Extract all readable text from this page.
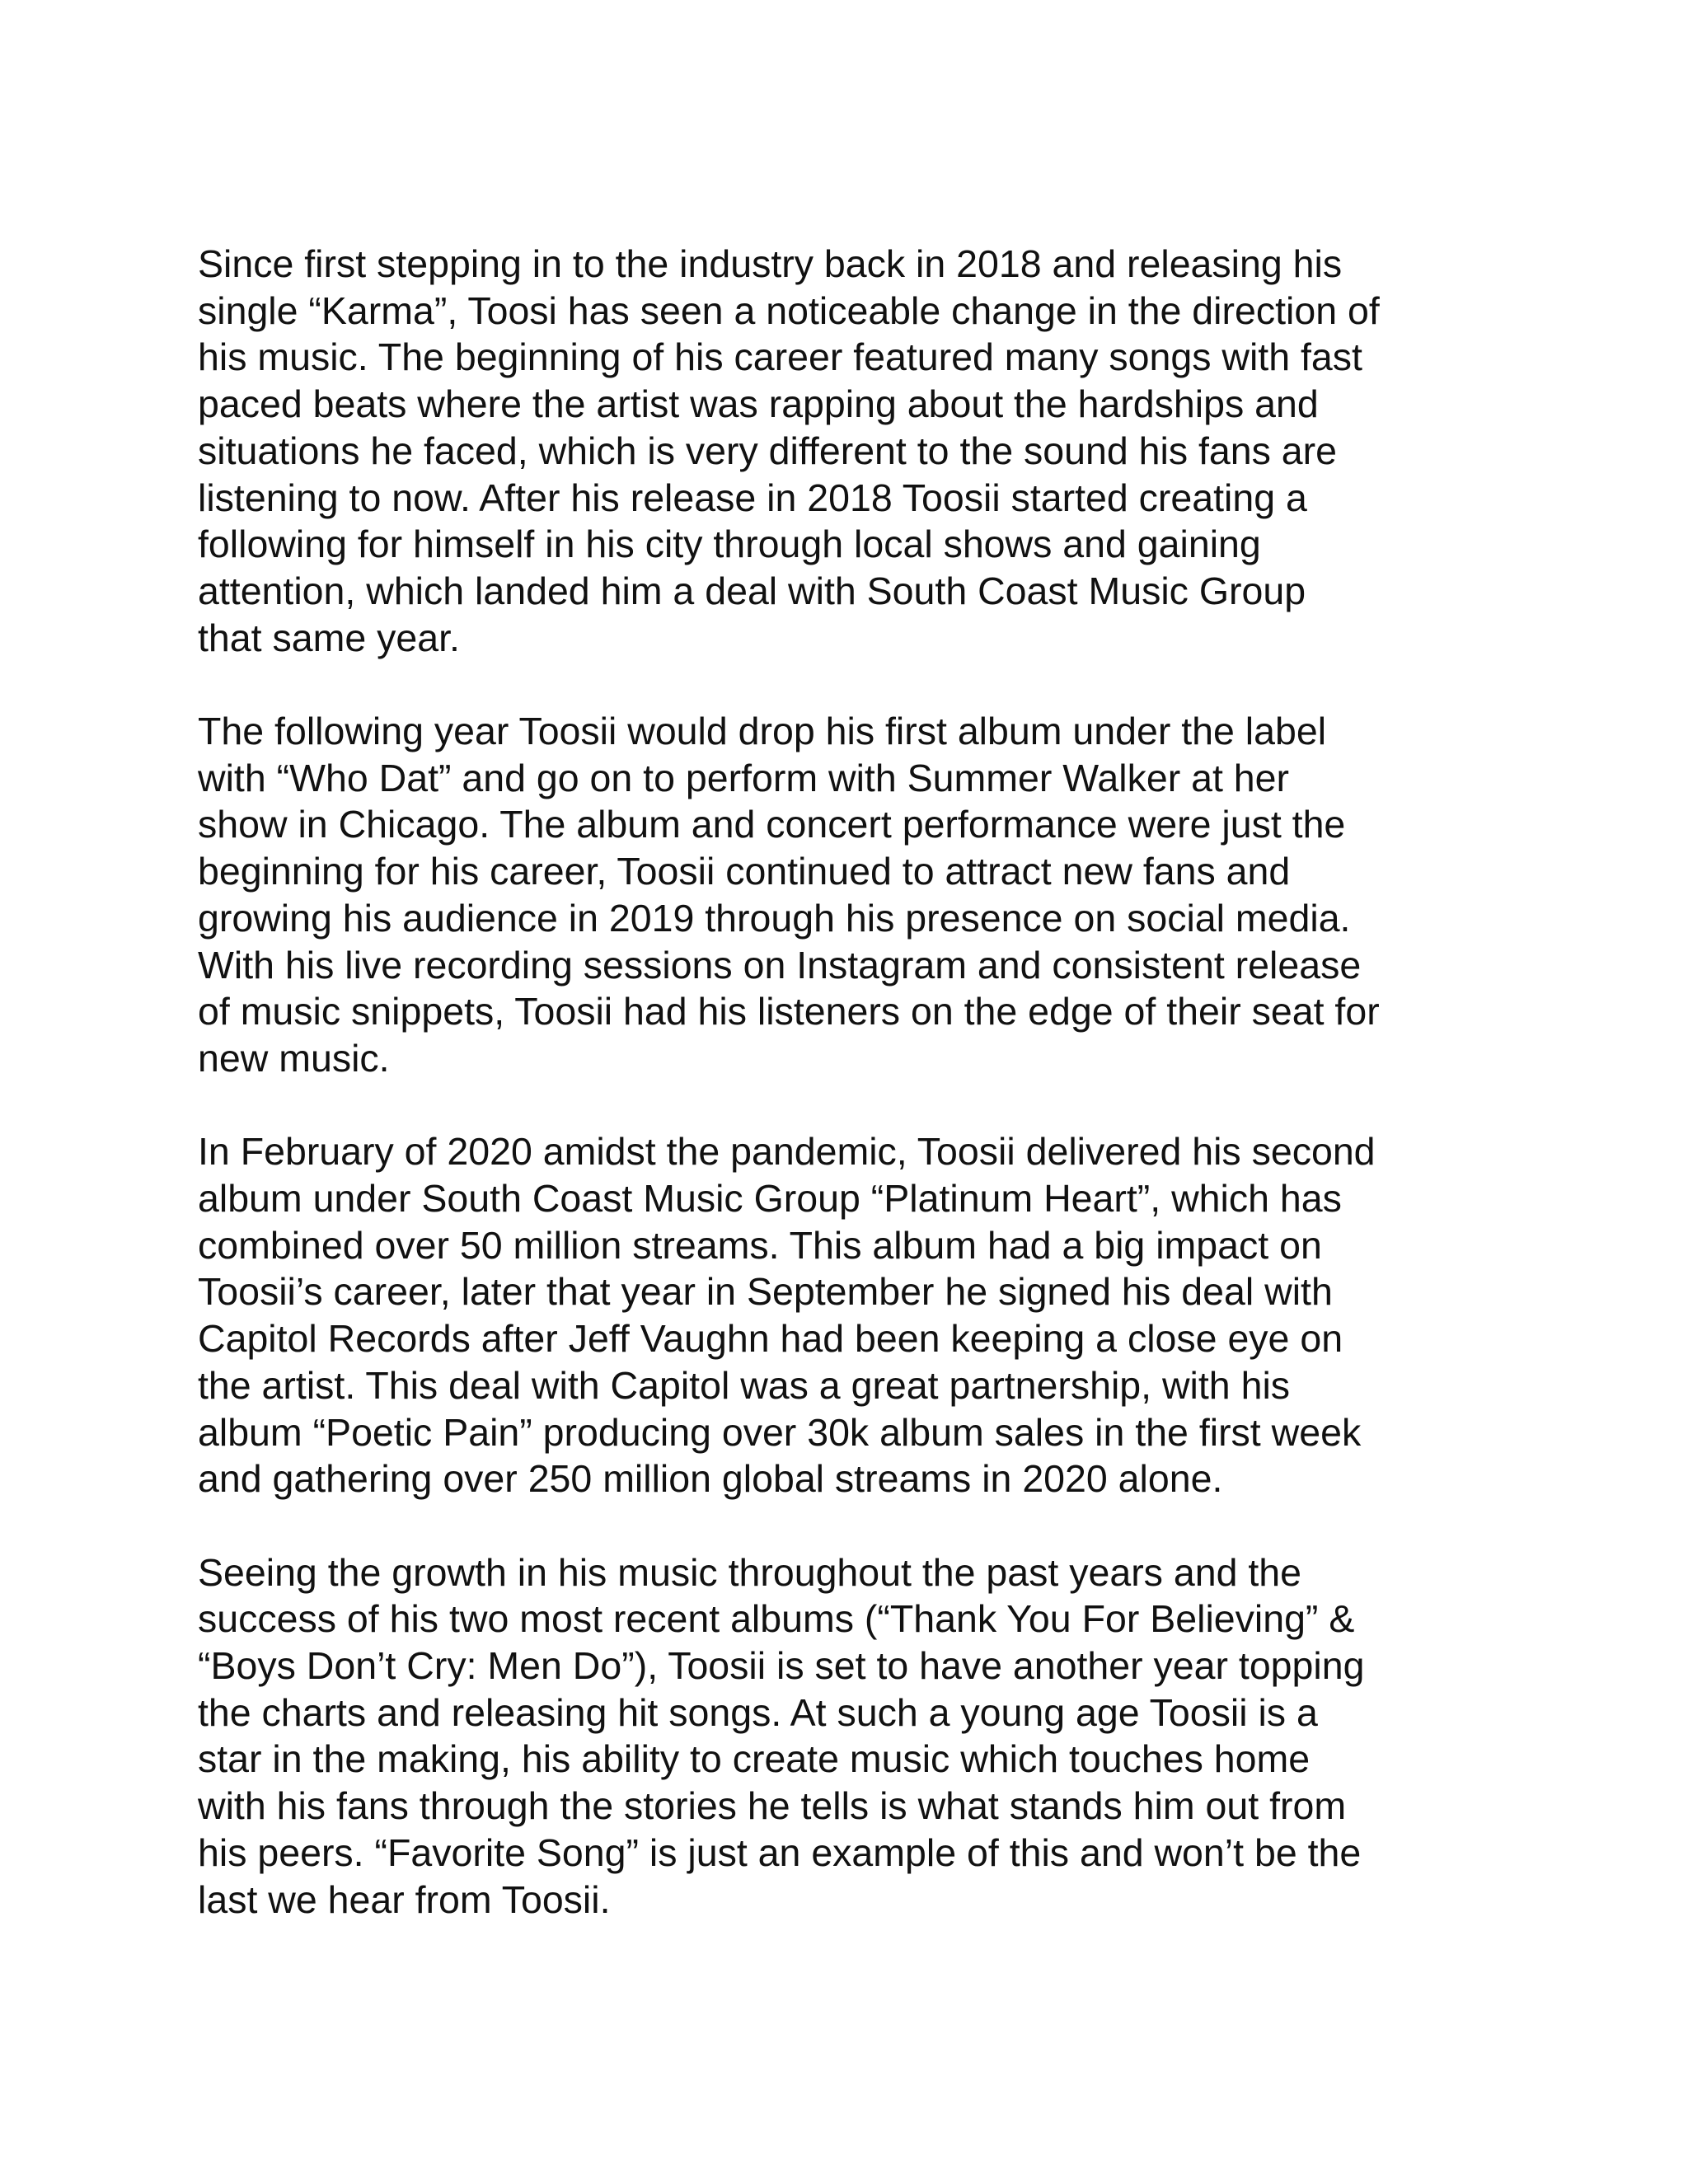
Since first stepping in to the industry back in 2018 and releasing his
single “Karma”, Toosi has seen a noticeable change in the direction of
his music. The beginning of his career featured many songs with fast
paced beats where the artist was rapping about the hardships and
situations he faced, which is very different to the sound his fans are
listening to now. After his release in 2018 Toosii started creating a
following for himself in his city through local shows and gaining
attention, which landed him a deal with South Coast Music Group
that same year.
The following year Toosii would drop his first album under the label
with “Who Dat” and go on to perform with Summer Walker at her
show in Chicago. The album and concert performance were just the
beginning for his career, Toosii continued to attract new fans and
growing his audience in 2019 through his presence on social media.
With his live recording sessions on Instagram and consistent release
of music snippets, Toosii had his listeners on the edge of their seat for
new music.
In February of 2020 amidst the pandemic, Toosii delivered his second
album under South Coast Music Group “Platinum Heart”, which has
combined over 50 million streams. This album had a big impact on
Toosii’s career, later that year in September he signed his deal with
Capitol Records after Jeff Vaughn had been keeping a close eye on
the artist. This deal with Capitol was a great partnership, with his
album “Poetic Pain” producing over 30k album sales in the first week
and gathering over 250 million global streams in 2020 alone.
Seeing the growth in his music throughout the past years and the
success of his two most recent albums (“Thank You For Believing” &
“Boys Don’t Cry: Men Do”), Toosii is set to have another year topping
the charts and releasing hit songs. At such a young age Toosii is a
star in the making, his ability to create music which touches home
with his fans through the stories he tells is what stands him out from
his peers. “Favorite Song” is just an example of this and won’t be the
last we hear from Toosii.
